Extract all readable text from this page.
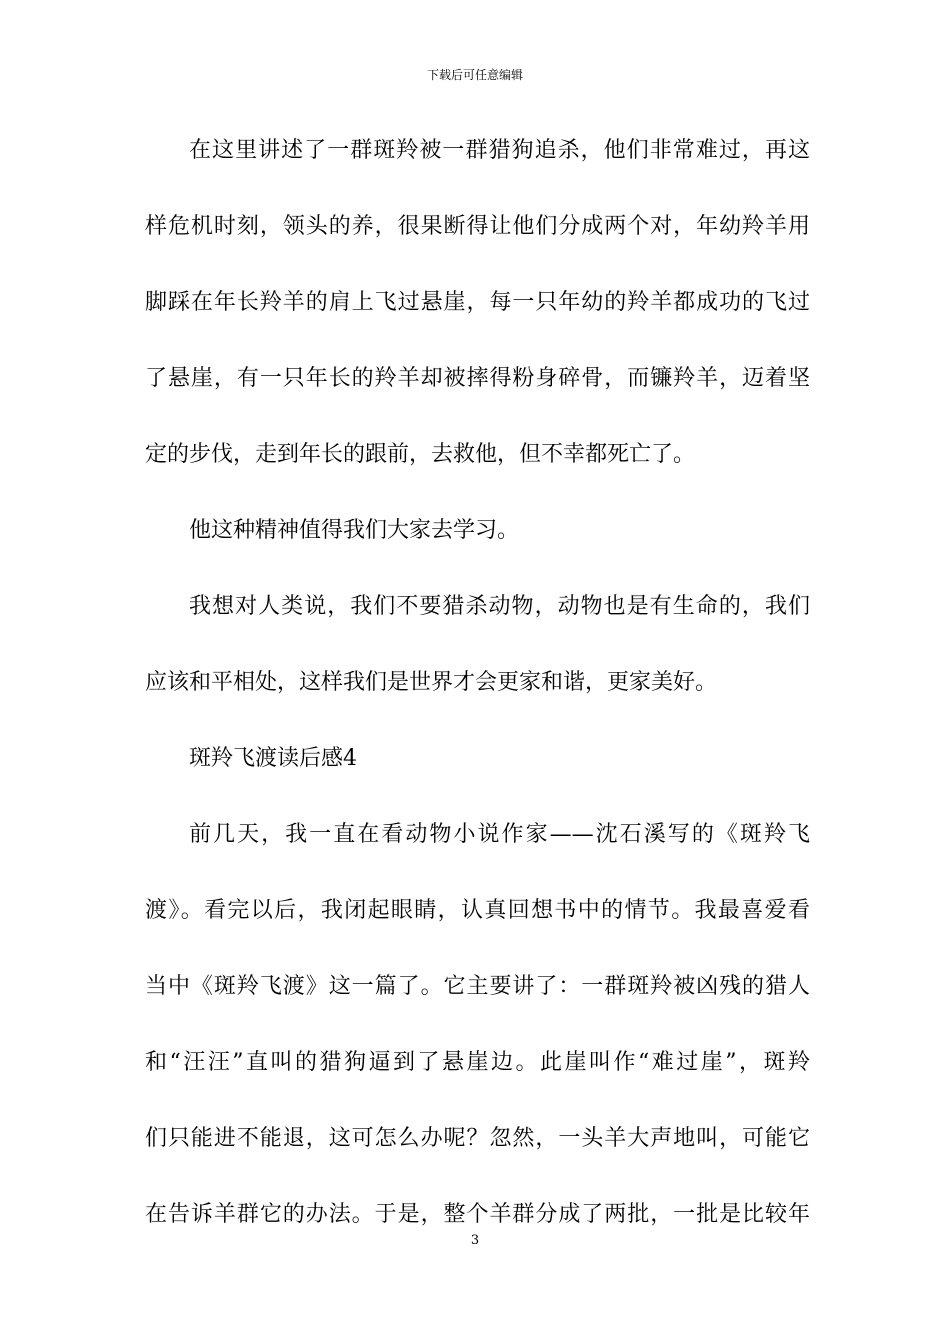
下载后可任意编辑
在这里讲述了一群斑羚被一群猎狗追杀，他们非常难过，再这
样危机时刻，领头的养，很果断得让他们分成两个对，年幼羚羊用
脚踩在年长羚羊的肩上飞过悬崖，每一只年幼的羚羊都成功的飞过
了悬崖，有一只年长的羚羊却被摔得粉身碎骨，而镰羚羊，迈着坚
定的步伐，走到年长的跟前，去救他，但不幸都死亡了。
他这种精神值得我们大家去学习。
我想对人类说，我们不要猎杀动物，动物也是有生命的，我们
应该和平相处，这样我们是世界才会更家和谐，更家美好。
斑羚飞渡读后感4
前几天，我一直在看动物小说作家——沈石溪写的《斑羚飞
渡》。看完以后，我闭起眼睛，认真回想书中的情节。我最喜爱看
当中《斑羚飞渡》这一篇了。它主要讲了：一群斑羚被凶残的猎人
和“汪汪”直叫的猎狗逼到了悬崖边。此崖叫作“难过崖”，斑羚
们只能进不能退，这可怎么办呢？忽然，一头羊大声地叫，可能它
在告诉羊群它的办法。于是，整个羊群分成了两批，一批是比较年
3
